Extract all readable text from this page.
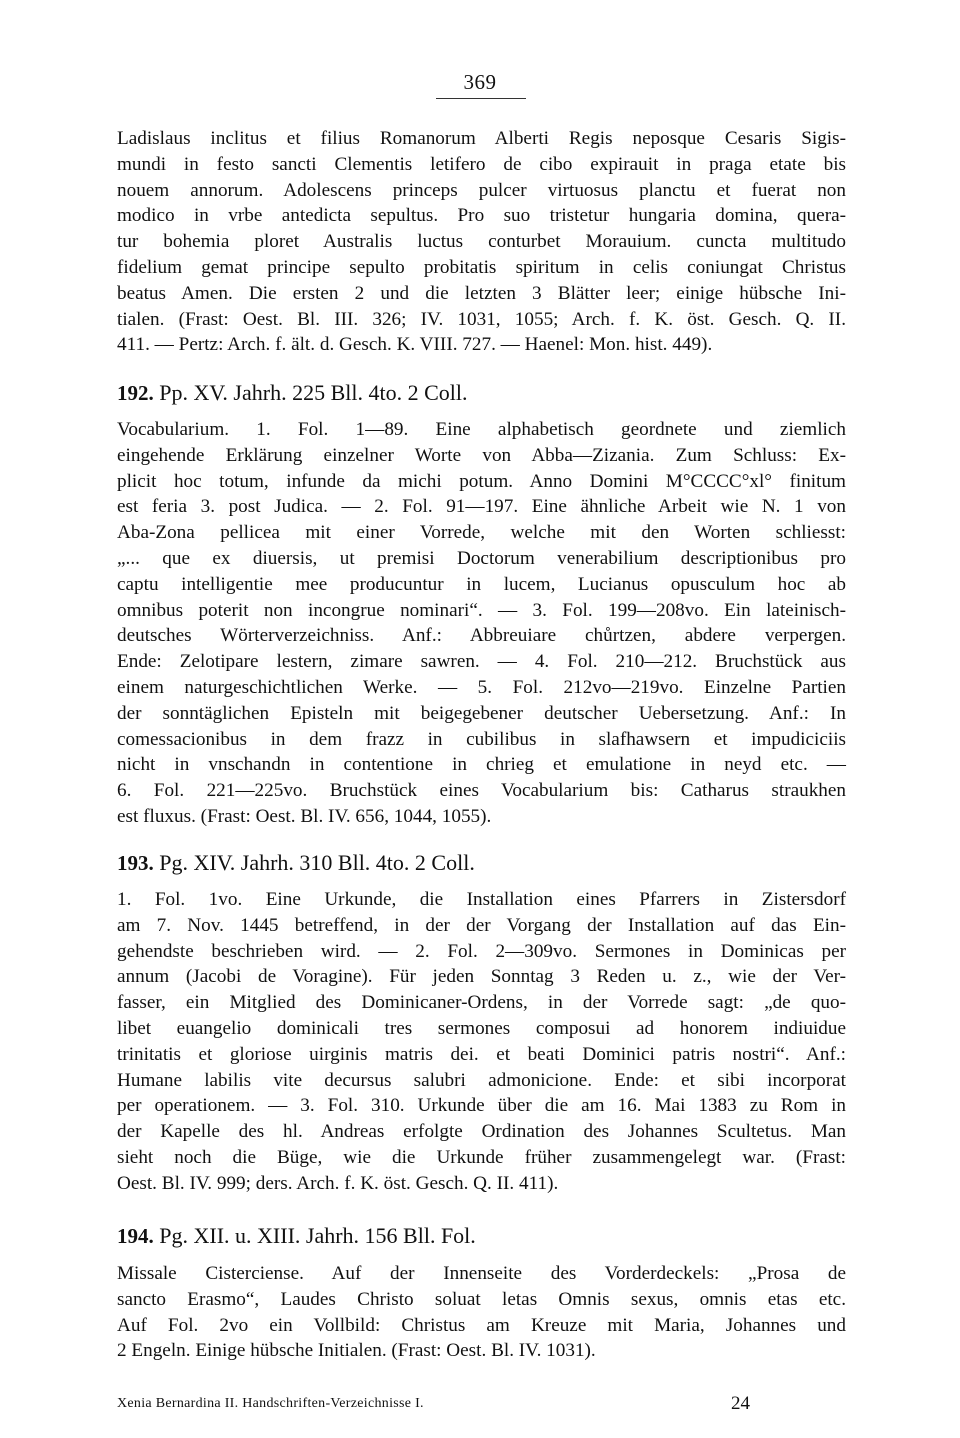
369
Ladislaus inclitus et filius Romanorum Alberti Regis neposque Cesaris Sigis-
mundi in festo sancti Clementis letifero de cibo expirauit in praga etate bis
nouem annorum. Adolescens princeps pulcer virtuosus planctu et fuerat non
modico in vrbe antedicta sepultus. Pro suo tristetur hungaria domina, quera-
tur bohemia ploret Australis luctus conturbet Morauium. cuncta multitudo
fidelium gemat principe sepulto probitatis spiritum in celis coniungat Christus
beatus Amen. Die ersten 2 und die letzten 3 Blätter leer; einige hübsche Ini-
tialen. (Frast: Oest. Bl. III. 326; IV. 1031, 1055; Arch. f. K. öst. Gesch. Q. II.
411. — Pertz: Arch. f. ält. d. Gesch. K. VIII. 727. — Haenel: Mon. hist. 449).
192. Pp. XV. Jahrh. 225 Bll. 4to. 2 Coll.
Vocabularium. 1. Fol. 1—89. Eine alphabetisch geordnete und ziemlich
eingehende Erklärung einzelner Worte von Abba—Zizania. Zum Schluss: Ex-
plicit hoc totum, infunde da michi potum. Anno Domini M°CCCC°xl° finitum
est feria 3. post Judica. — 2. Fol. 91—197. Eine ähnliche Arbeit wie N. 1 von
Aba-Zona pellicea mit einer Vorrede, welche mit den Worten schliesst:
„... que ex diuersis, ut premisi Doctorum venerabilium descriptionibus pro
captu intelligentie mee producuntur in lucem, Lucianus opusculum hoc ab
omnibus poterit non incongrue nominari“. — 3. Fol. 199—208vo. Ein lateinisch-
deutsches Wörterverzeichniss. Anf.: Abbreuiare chůrtzen, abdere verpergen.
Ende: Zelotipare lestern, zimare sawren. — 4. Fol. 210—212. Bruchstück aus
einem naturgeschichtlichen Werke. — 5. Fol. 212vo—219vo. Einzelne Partien
der sonntäglichen Episteln mit beigegebener deutscher Uebersetzung. Anf.: In
comessacionibus in dem frazz in cubilibus in slafhawsern et impudiciciis
nicht in vnschandn in contentione in chrieg et emulatione in neyd etc. —
6. Fol. 221—225vo. Bruchstück eines Vocabularium bis: Catharus straukhen
est fluxus. (Frast: Oest. Bl. IV. 656, 1044, 1055).
193. Pg. XIV. Jahrh. 310 Bll. 4to. 2 Coll.
1. Fol. 1vo. Eine Urkunde, die Installation eines Pfarrers in Zistersdorf
am 7. Nov. 1445 betreffend, in der der Vorgang der Installation auf das Ein-
gehendste beschrieben wird. — 2. Fol. 2—309vo. Sermones in Dominicas per
annum (Jacobi de Voragine). Für jeden Sonntag 3 Reden u. z., wie der Ver-
fasser, ein Mitglied des Dominicaner-Ordens, in der Vorrede sagt: „de quo-
libet euangelio dominicali tres sermones composui ad honorem indiuidue
trinitatis et gloriose uirginis matris dei. et beati Dominici patris nostri“. Anf.:
Humane labilis vite decursus salubri admonicione. Ende: et sibi incorporat
per operationem. — 3. Fol. 310. Urkunde über die am 16. Mai 1383 zu Rom in
der Kapelle des hl. Andreas erfolgte Ordination des Johannes Scultetus. Man
sieht noch die Büge, wie die Urkunde früher zusammengelegt war. (Frast:
Oest. Bl. IV. 999; ders. Arch. f. K. öst. Gesch. Q. II. 411).
194. Pg. XII. u. XIII. Jahrh. 156 Bll. Fol.
Missale Cisterciense. Auf der Innenseite des Vorderdeckels: „Prosa de
sancto Erasmo“, Laudes Christo soluat letas Omnis sexus, omnis etas etc.
Auf Fol. 2vo ein Vollbild: Christus am Kreuze mit Maria, Johannes und
2 Engeln. Einige hübsche Initialen. (Frast: Oest. Bl. IV. 1031).
Xenia Bernardina II. Handschriften-Verzeichnisse I.	24
